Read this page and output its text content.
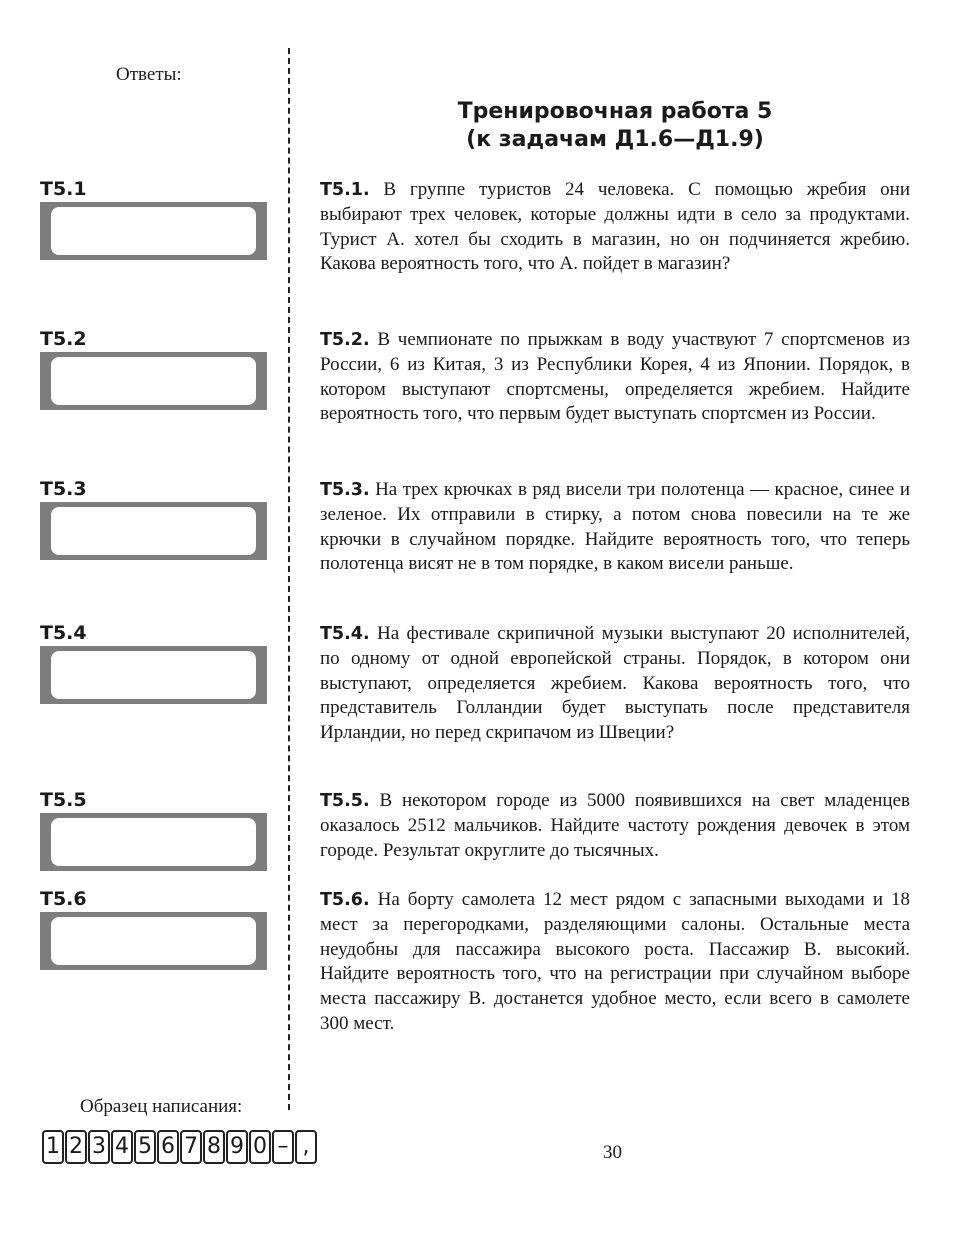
Ответы:
Тренировочная работа 5
(к задачам Д1.6—Д1.9)
Т5.1
Т5.2
Т5.3
Т5.4
Т5.5
Т5.6

Т5.1. В группе туристов 24 человека. С помощью жребия они выбирают трех человек, которые должны идти в село за продуктами. Турист А. хотел бы сходить в магазин, но он подчиняется жребию. Какова вероятность того, что А. пойдет в магазин?

Т5.2. В чемпионате по прыжкам в воду участвуют 7 спортсменов из России, 6 из Китая, 3 из Республики Корея, 4 из Японии. Порядок, в котором выступают спортсмены, определяется жребием. Найдите вероятность того, что первым будет выступать спортсмен из России.

Т5.3. На трех крючках в ряд висели три полотенца — красное, синее и зеленое. Их отправили в стирку, а потом снова повесили на те же крючки в случайном порядке. Найдите вероятность того, что теперь полотенца висят не в том порядке, в каком висели раньше.

Т5.4. На фестивале скрипичной музыки выступают 20 исполнителей, по одному от одной европейской страны. Порядок, в котором они выступают, определяется жребием. Какова вероятность того, что представитель Голландии будет выступать после представителя Ирландии, но перед скрипачом из Швеции?

Т5.5. В некотором городе из 5000 появившихся на свет младенцев оказалось 2512 мальчиков. Найдите частоту рождения девочек в этом городе. Результат округлите до тысячных.

Т5.6. На борту самолета 12 мест рядом с запасными выходами и 18 мест за перегородками, разделяющими салоны. Остальные места неудобны для пассажира высокого роста. Пассажир В. высокий. Найдите вероятность того, что на регистрации при случайном выборе места пассажиру В. достанется удобное место, если всего в самолете 300 мест.

Образец написания:
1 2 3 4 5 6 7 8 9 0 – ,	30
